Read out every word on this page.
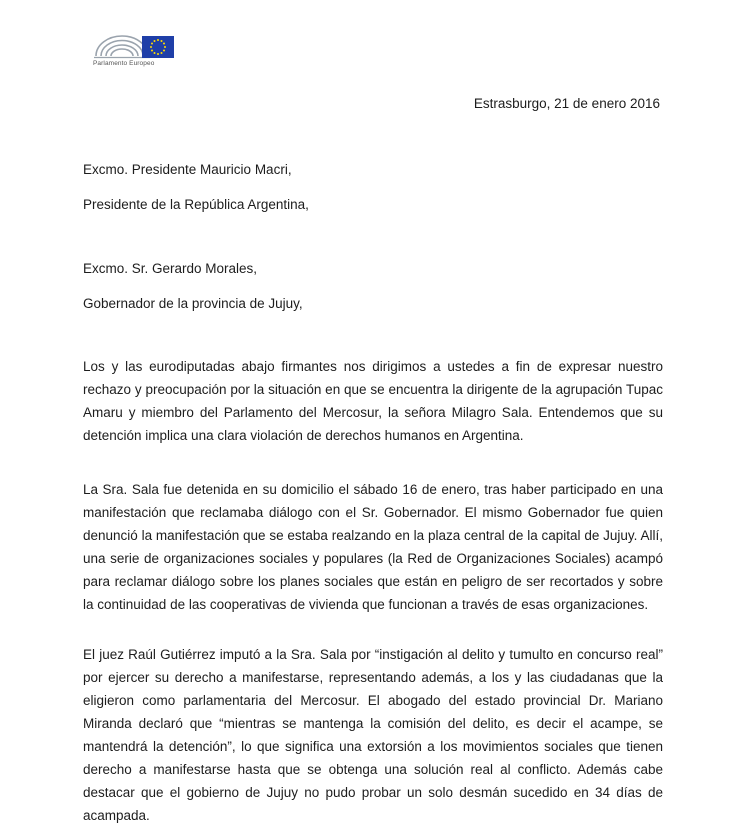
Parlamento Europeo
Estrasburgo, 21 de enero 2016
Excmo. Presidente Mauricio Macri,
Presidente de la República Argentina,
Excmo. Sr. Gerardo Morales,
Gobernador de la provincia de Jujuy,

Los y las eurodiputadas abajo firmantes nos dirigimos a ustedes a fin de expresar nuestro rechazo y preocupación por la situación en que se encuentra la dirigente de la agrupación Tupac Amaru y miembro del Parlamento del Mercosur, la señora Milagro Sala. Entendemos que su detención implica una clara violación de derechos humanos en Argentina.

La Sra. Sala fue detenida en su domicilio el sábado 16 de enero, tras haber participado en una manifestación que reclamaba diálogo con el Sr. Gobernador. El mismo Gobernador fue quien denunció la manifestación que se estaba realzando en la plaza central de la capital de Jujuy. Allí, una serie de organizaciones sociales y populares (la Red de Organizaciones Sociales) acampó para reclamar diálogo sobre los planes sociales que están en peligro de ser recortados y sobre la continuidad de las cooperativas de vivienda que funcionan a través de esas organizaciones.

El juez Raúl Gutiérrez imputó a la Sra. Sala por “instigación al delito y tumulto en concurso real” por ejercer su derecho a manifestarse, representando además, a los y las ciudadanas que la eligieron como parlamentaria del Mercosur. El abogado del estado provincial Dr. Mariano Miranda declaró que “mientras se mantenga la comisión del delito, es decir el acampe, se mantendrá la detención”, lo que significa una extorsión a los movimientos sociales que tienen derecho a manifestarse hasta que se obtenga una solución real al conflicto. Además cabe destacar que el gobierno de Jujuy no pudo probar un solo desmán sucedido en 34 días de acampada.
